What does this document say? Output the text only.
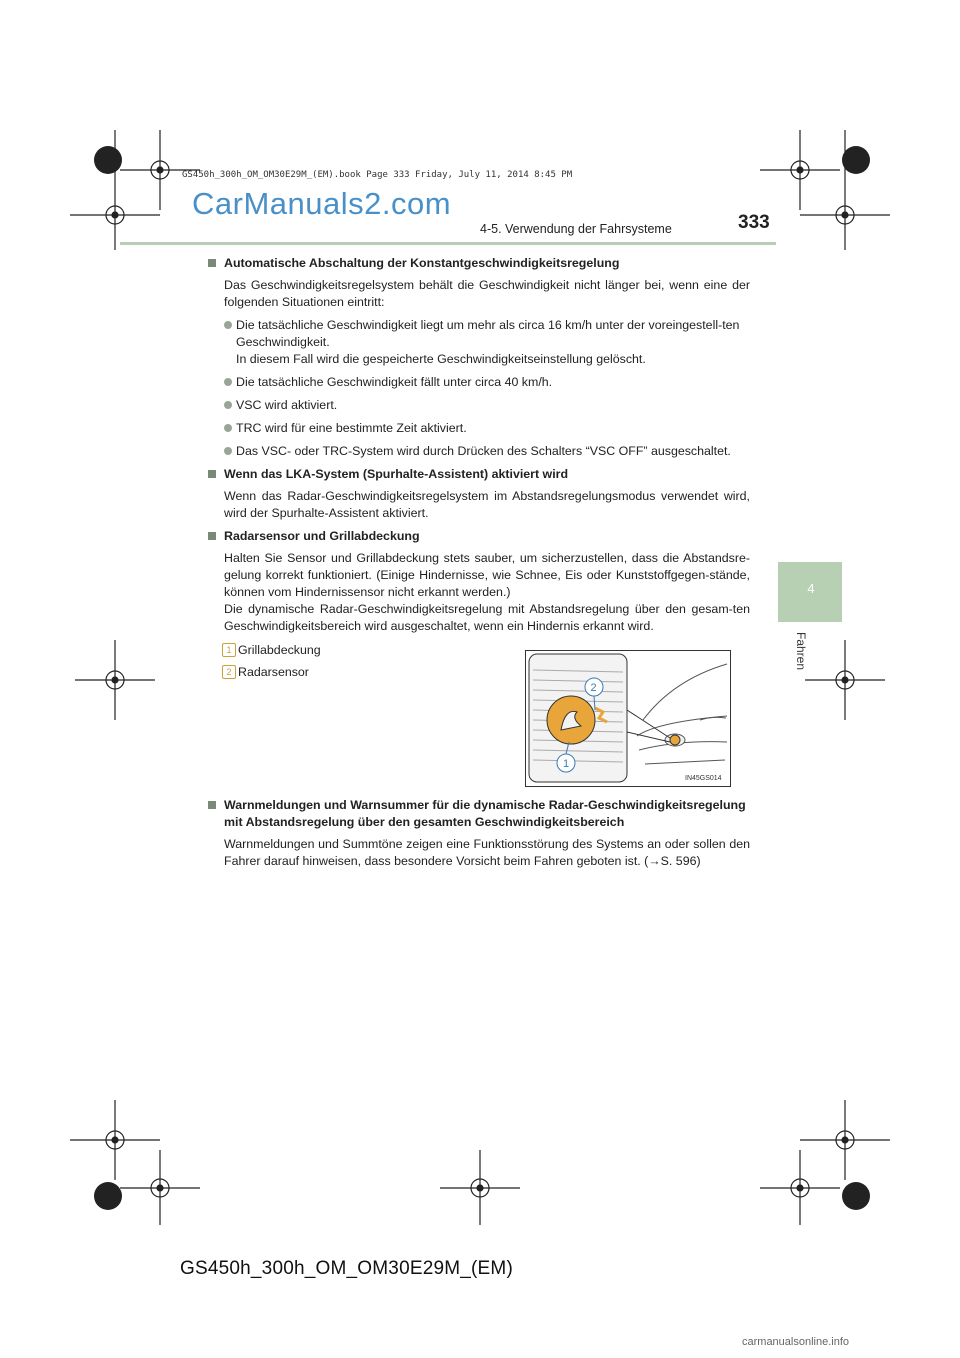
GS450h_300h_OM_OM30E29M_(EM).book Page 333 Friday, July 11, 2014 8:45 PM
CarManuals2.com
4-5. Verwendung der Fahrsysteme	333
4
Fahren
Automatische Abschaltung der Konstantgeschwindigkeitsregelung
Das Geschwindigkeitsregelsystem behält die Geschwindigkeit nicht länger bei, wenn eine der folgenden Situationen eintritt:
Die tatsächliche Geschwindigkeit liegt um mehr als circa 16 km/h unter der voreingestell-ten Geschwindigkeit.
In diesem Fall wird die gespeicherte Geschwindigkeitseinstellung gelöscht.
Die tatsächliche Geschwindigkeit fällt unter circa 40 km/h.
VSC wird aktiviert.
TRC wird für eine bestimmte Zeit aktiviert.
Das VSC- oder TRC-System wird durch Drücken des Schalters “VSC OFF” ausgeschaltet.
Wenn das LKA-System (Spurhalte-Assistent) aktiviert wird
Wenn das Radar-Geschwindigkeitsregelsystem im Abstandsregelungsmodus verwendet wird, wird der Spurhalte-Assistent aktiviert.
Radarsensor und Grillabdeckung
Halten Sie Sensor und Grillabdeckung stets sauber, um sicherzustellen, dass die Abstandsre-gelung korrekt funktioniert. (Einige Hindernisse, wie Schnee, Eis oder Kunststoffgegen-stände, können vom Hindernissensor nicht erkannt werden.)
Die dynamische Radar-Geschwindigkeitsregelung mit Abstandsregelung über den gesam-ten Geschwindigkeitsbereich wird ausgeschaltet, wenn ein Hindernis erkannt wird.
1 Grillabdeckung
2 Radarsensor
Warnmeldungen und Warnsummer für die dynamische Radar-Geschwindigkeitsregelung mit Abstandsregelung über den gesamten Geschwindigkeitsbereich
Warnmeldungen und Summtöne zeigen eine Funktionsstörung des Systems an oder sollen den Fahrer darauf hinweisen, dass besondere Vorsicht beim Fahren geboten ist. (→S. 596)
2
1
IN45GS014
GS450h_300h_OM_OM30E29M_(EM)
carmanualsonline.info
